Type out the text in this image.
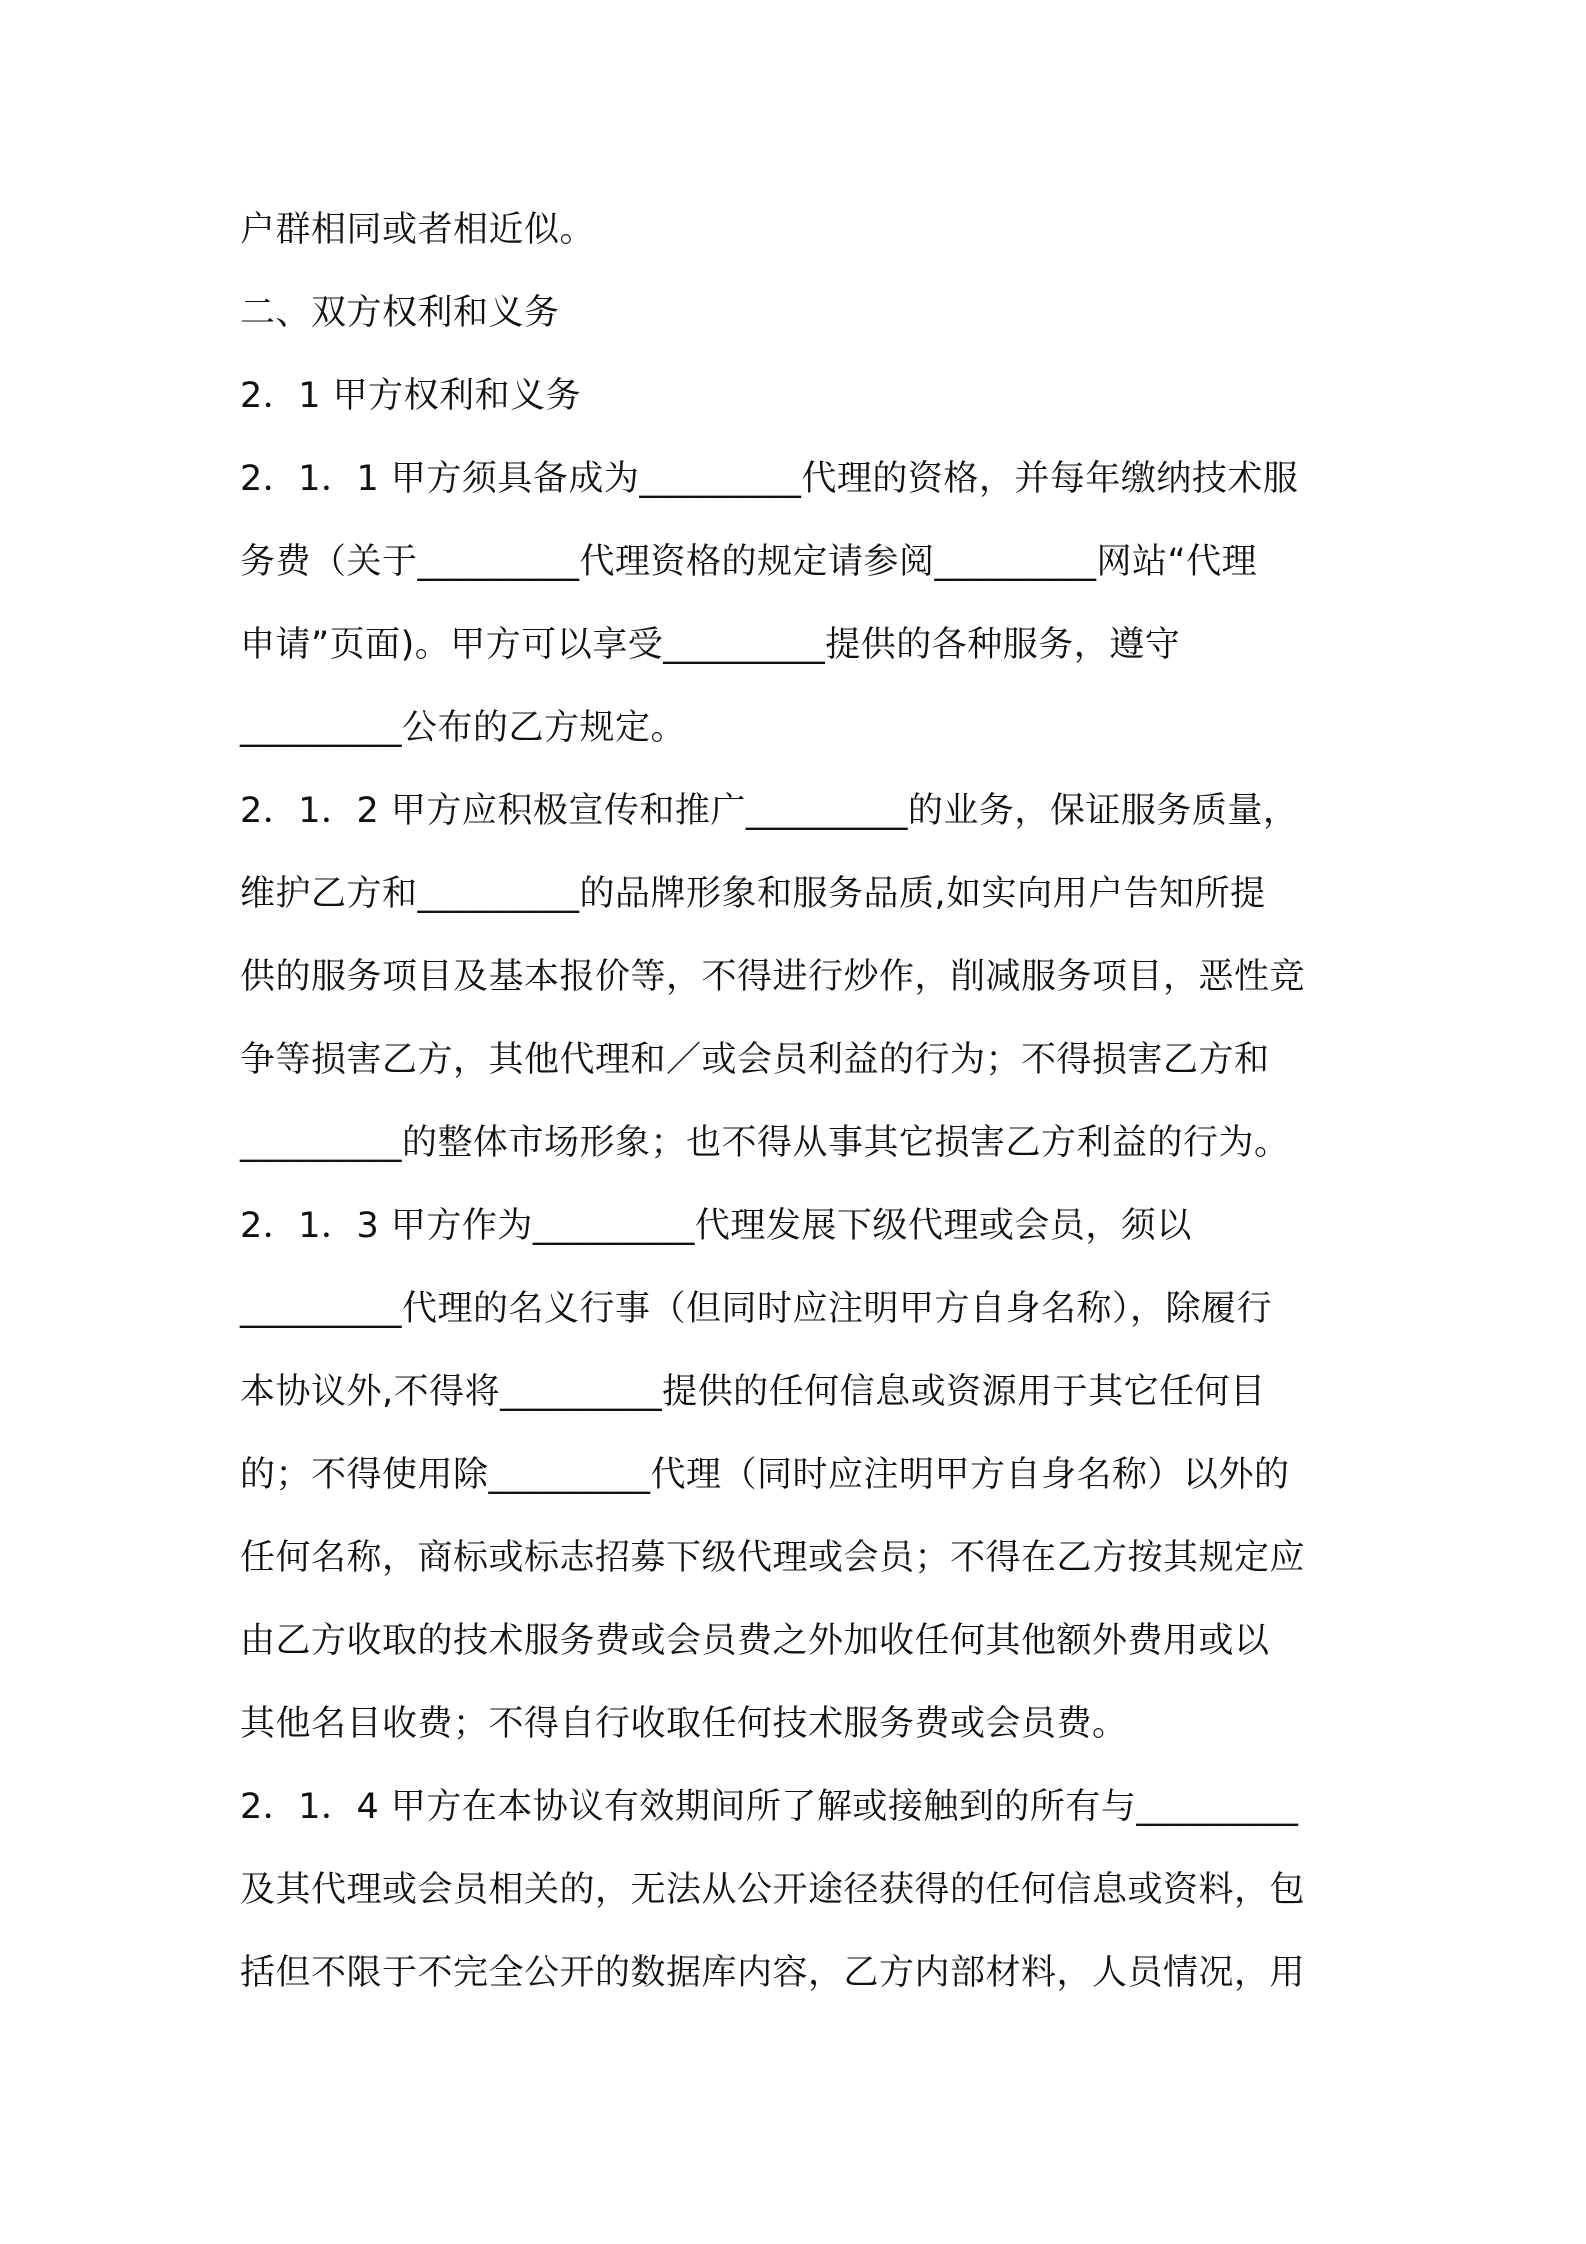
户群相同或者相近似。
二、双方权利和义务
2．1 甲方权利和义务
2．1．1 甲方须具备成为_________代理的资格，并每年缴纳技术服
务费（关于_________代理资格的规定请参阅_________网站“代理
申请”页面)。甲方可以享受_________提供的各种服务，遵守
_________公布的乙方规定。
2．1．2 甲方应积极宣传和推广_________的业务，保证服务质量，
维护乙方和_________的品牌形象和服务品质,如实向用户告知所提
供的服务项目及基本报价等，不得进行炒作，削减服务项目，恶性竞
争等损害乙方，其他代理和／或会员利益的行为；不得损害乙方和
_________的整体市场形象；也不得从事其它损害乙方利益的行为。
2．1．3 甲方作为_________代理发展下级代理或会员，须以
_________代理的名义行事（但同时应注明甲方自身名称），除履行
本协议外,不得将_________提供的任何信息或资源用于其它任何目
的；不得使用除_________代理（同时应注明甲方自身名称）以外的
任何名称，商标或标志招募下级代理或会员；不得在乙方按其规定应
由乙方收取的技术服务费或会员费之外加收任何其他额外费用或以
其他名目收费；不得自行收取任何技术服务费或会员费。
2．1．4 甲方在本协议有效期间所了解或接触到的所有与_________
及其代理或会员相关的，无法从公开途径获得的任何信息或资料，包
括但不限于不完全公开的数据库内容，乙方内部材料，人员情况，用
